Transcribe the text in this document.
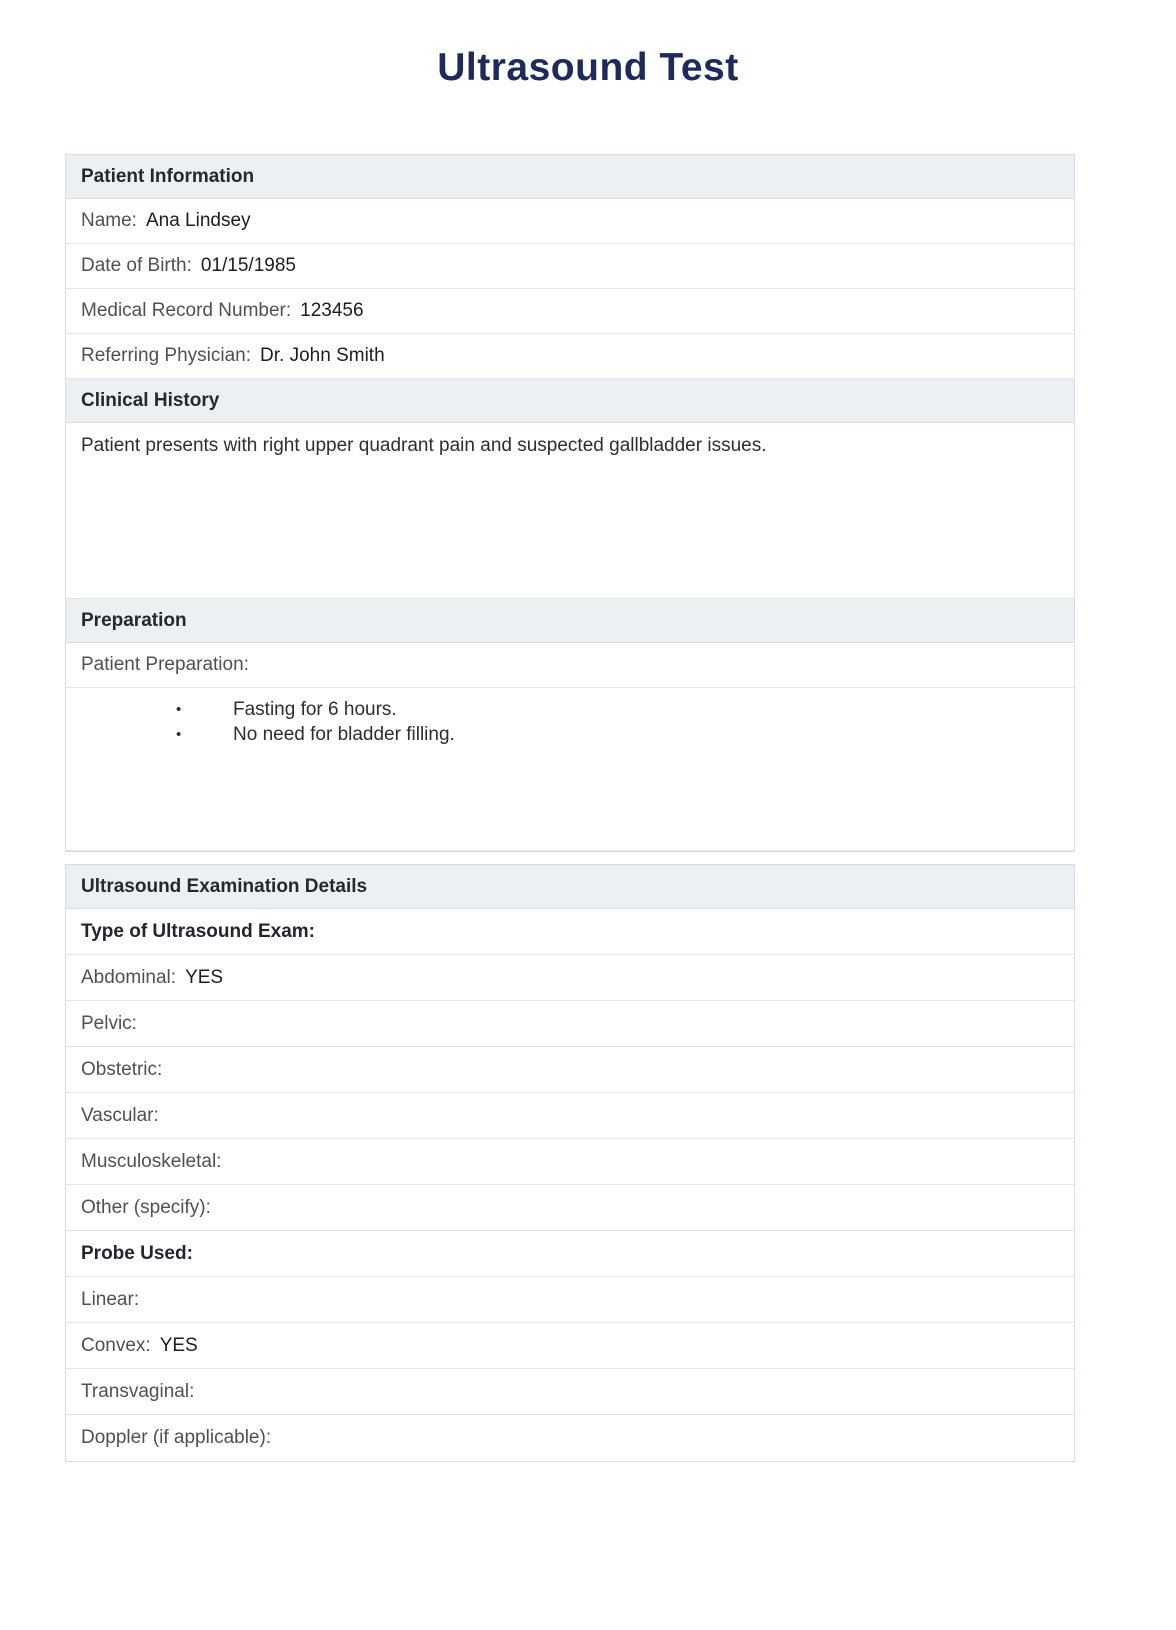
Ultrasound Test
Patient Information
Name: Ana Lindsey
Date of Birth: 01/15/1985
Medical Record Number: 123456
Referring Physician: Dr. John Smith
Clinical History
Patient presents with right upper quadrant pain and suspected gallbladder issues.
Preparation
Patient Preparation:
• Fasting for 6 hours.
• No need for bladder filling.
Ultrasound Examination Details
Type of Ultrasound Exam:
Abdominal: YES
Pelvic:
Obstetric:
Vascular:
Musculoskeletal:
Other (specify):
Probe Used:
Linear:
Convex: YES
Transvaginal:
Doppler (if applicable):
